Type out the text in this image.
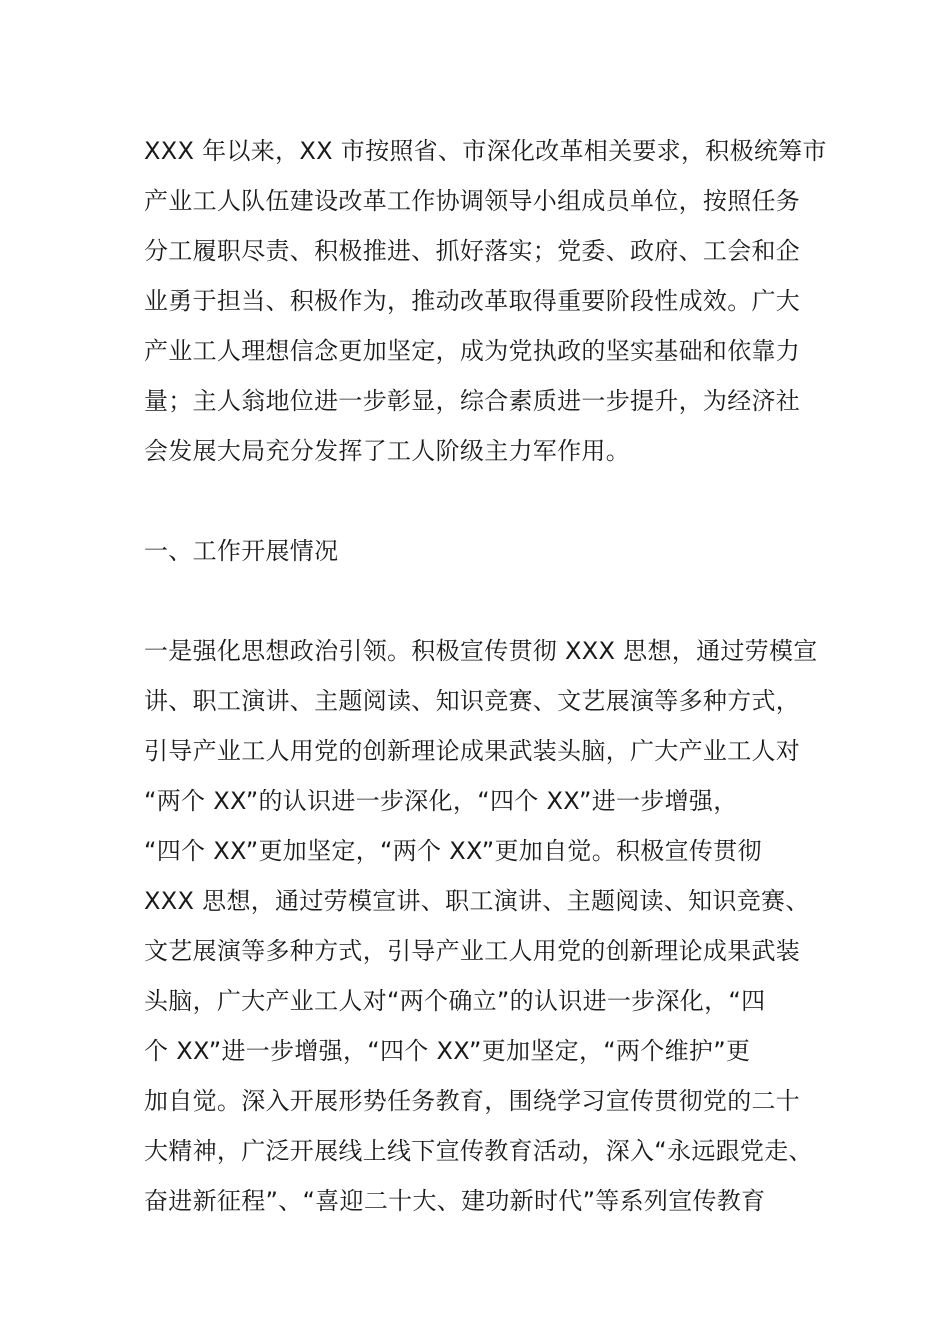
XXX 年以来，XX 市按照省、市深化改革相关要求，积极统筹市
产业工人队伍建设改革工作协调领导小组成员单位，按照任务
分工履职尽责、积极推进、抓好落实；党委、政府、工会和企
业勇于担当、积极作为，推动改革取得重要阶段性成效。广大
产业工人理想信念更加坚定，成为党执政的坚实基础和依靠力
量；主人翁地位进一步彰显，综合素质进一步提升，为经济社
会发展大局充分发挥了工人阶级主力军作用。
一、工作开展情况
一是强化思想政治引领。积极宣传贯彻 XXX 思想，通过劳模宣
讲、职工演讲、主题阅读、知识竞赛、文艺展演等多种方式，
引导产业工人用党的创新理论成果武装头脑，广大产业工人对
“两个 XX”的认识进一步深化，“四个 XX”进一步增强，
“四个 XX”更加坚定，“两个 XX”更加自觉。积极宣传贯彻
XXX 思想，通过劳模宣讲、职工演讲、主题阅读、知识竞赛、
文艺展演等多种方式，引导产业工人用党的创新理论成果武装
头脑，广大产业工人对“两个确立”的认识进一步深化，“四
个 XX”进一步增强，“四个 XX”更加坚定，“两个维护”更
加自觉。深入开展形势任务教育，围绕学习宣传贯彻党的二十
大精神，广泛开展线上线下宣传教育活动，深入“永远跟党走、
奋进新征程”、“喜迎二十大、建功新时代”等系列宣传教育
